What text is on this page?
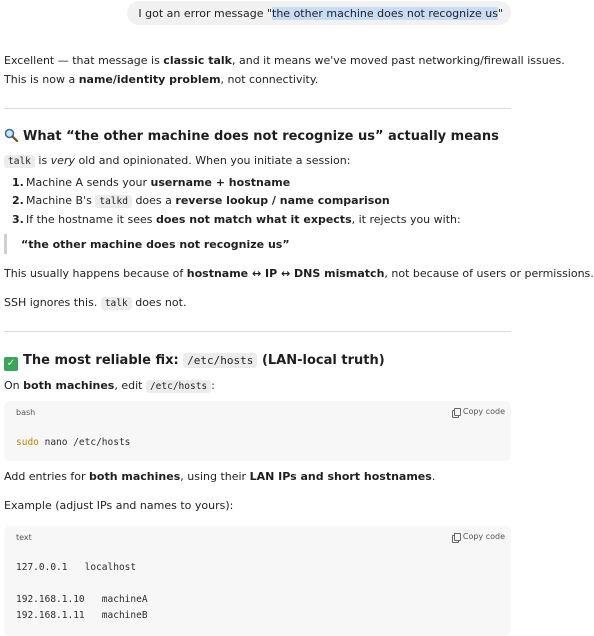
I got an error message " the other machine does not recognize us "

Excellent — that message is classic talk, and it means we've moved past networking/firewall issues.

This is now a name/identity problem, not connectivity.

What “the other machine does not recognize us” actually means

talk is very old and opinionated. When you initiate a session:

1. Machine A sends your username + hostname
2. Machine B's talkd does a reverse lookup / name comparison
3. If the hostname it sees does not match what it expects, it rejects you with:
“the other machine does not recognize us”

This usually happens because of hostname ↔ IP ↔ DNS mismatch, not because of users or permissions.

SSH ignores this. talk does not.

✓ The most reliable fix: /etc/hosts (LAN-local truth)

On both machines, edit /etc/hosts :

bash	Copy code
sudo nano /etc/hosts

Add entries for both machines, using their LAN IPs and short hostnames.

Example (adjust IPs and names to yours):

text	Copy code
127.0.0.1   localhost
192.168.1.10   machineA
192.168.1.11   machineB
